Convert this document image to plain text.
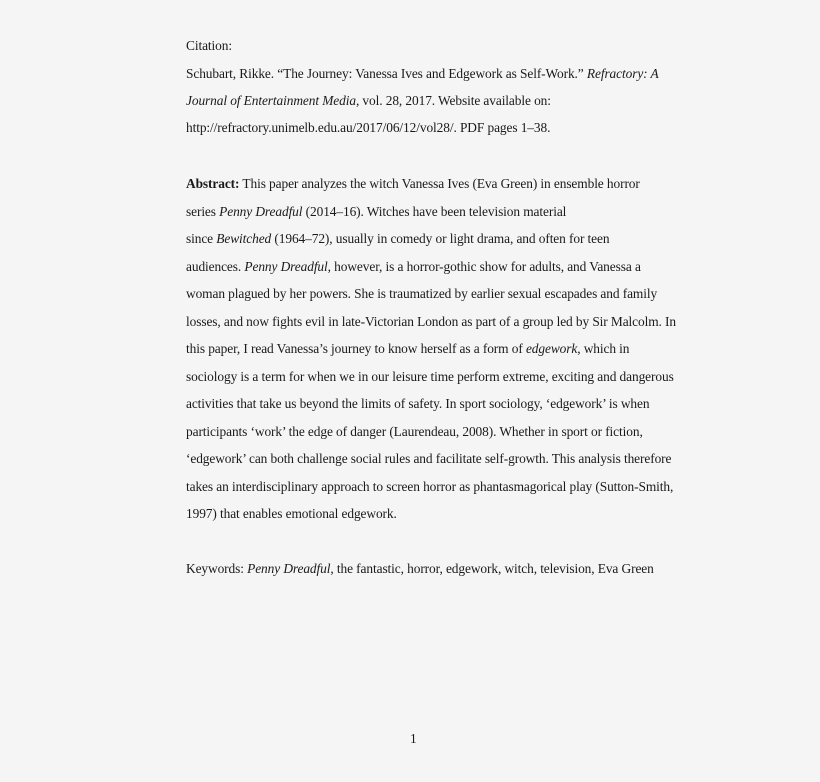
Citation:
Schubart, Rikke. “The Journey: Vanessa Ives and Edgework as Self-Work.” Refractory: A
Journal of Entertainment Media, vol. 28, 2017. Website available on:
http://refractory.unimelb.edu.au/2017/06/12/vol28/. PDF pages 1–38.
Abstract: This paper analyzes the witch Vanessa Ives (Eva Green) in ensemble horror
series Penny Dreadful (2014–16). Witches have been television material
since Bewitched (1964–72), usually in comedy or light drama, and often for teen
audiences. Penny Dreadful, however, is a horror-gothic show for adults, and Vanessa a
woman plagued by her powers. She is traumatized by earlier sexual escapades and family
losses, and now fights evil in late-Victorian London as part of a group led by Sir Malcolm. In
this paper, I read Vanessa’s journey to know herself as a form of edgework, which in
sociology is a term for when we in our leisure time perform extreme, exciting and dangerous
activities that take us beyond the limits of safety. In sport sociology, ‘edgework’ is when
participants ‘work’ the edge of danger (Laurendeau, 2008). Whether in sport or fiction,
‘edgework’ can both challenge social rules and facilitate self-growth. This analysis therefore
takes an interdisciplinary approach to screen horror as phantasmagorical play (Sutton-Smith,
1997) that enables emotional edgework.
Keywords: Penny Dreadful, the fantastic, horror, edgework, witch, television, Eva Green
1
